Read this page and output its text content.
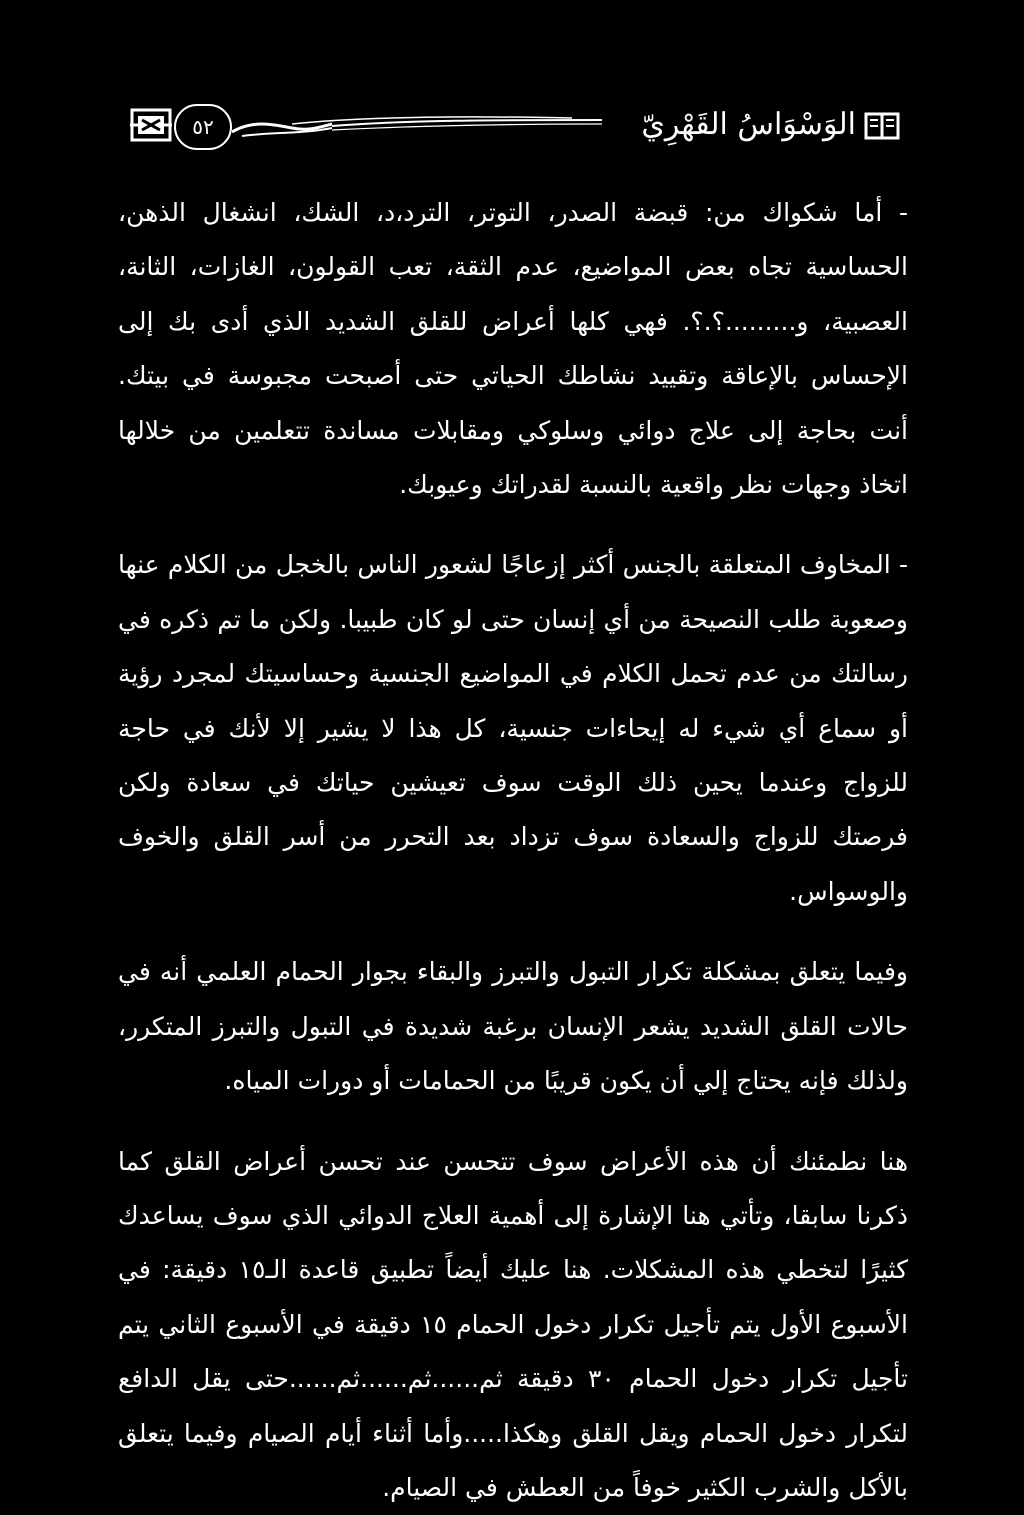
٥٢	الوَسْوَاسُ القَهْرِيّ

- أما شكواك من: قبضة الصدر، التوتر، الترد،د، الشك، انشغال الذهن، الحساسية تجاه بعض المواضيع، عدم الثقة، تعب القولون، الغازات، الثانة، العصبية، و.........؟.؟. فهي كلها أعراض للقلق الشديد الذي أدى بك إلى الإحساس بالإعاقة وتقييد نشاطك الحياتي حتى أصبحت مجبوسة في بيتك. أنت بحاجة إلى علاج دوائي وسلوكي ومقابلات مساندة تتعلمين من خلالها اتخاذ وجهات نظر واقعية بالنسبة لقدراتك وعيوبك.

- المخاوف المتعلقة بالجنس أكثر إزعاجًا لشعور الناس بالخجل من الكلام عنها وصعوبة طلب النصيحة من أي إنسان حتى لو كان طبيبا. ولكن ما تم ذكره في رسالتك من عدم تحمل الكلام في المواضيع الجنسية وحساسيتك لمجرد رؤية أو سماع أي شيء له إيحاءات جنسية، كل هذا لا يشير إلا لأنك في حاجة للزواج وعندما يحين ذلك الوقت سوف تعيشين حياتك في سعادة ولكن فرصتك للزواج والسعادة سوف تزداد بعد التحرر من أسر القلق والخوف والوسواس.

وفيما يتعلق بمشكلة تكرار التبول والتبرز والبقاء بجوار الحمام العلمي أنه في حالات القلق الشديد يشعر الإنسان برغبة شديدة في التبول والتبرز المتكرر، ولذلك فإنه يحتاج إلي أن يكون قريبًا من الحمامات أو دورات المياه.

هنا نطمئنك أن هذه الأعراض سوف تتحسن عند تحسن أعراض القلق كما ذكرنا سابقا، وتأتي هنا الإشارة إلى أهمية العلاج الدوائي الذي سوف يساعدك كثيرًا لتخطي هذه المشكلات. هنا عليك أيضاً تطبيق قاعدة الـ١٥ دقيقة: في الأسبوع الأول يتم تأجيل تكرار دخول الحمام ١٥ دقيقة في الأسبوع الثاني يتم تأجيل تكرار دخول الحمام ٣٠ دقيقة ثم......ثم......ثم......حتى يقل الدافع لتكرار دخول الحمام ويقل القلق وهكذا.....وأما أثناء أيام الصيام وفيما يتعلق بالأكل والشرب الكثير خوفاً من العطش في الصيام.
